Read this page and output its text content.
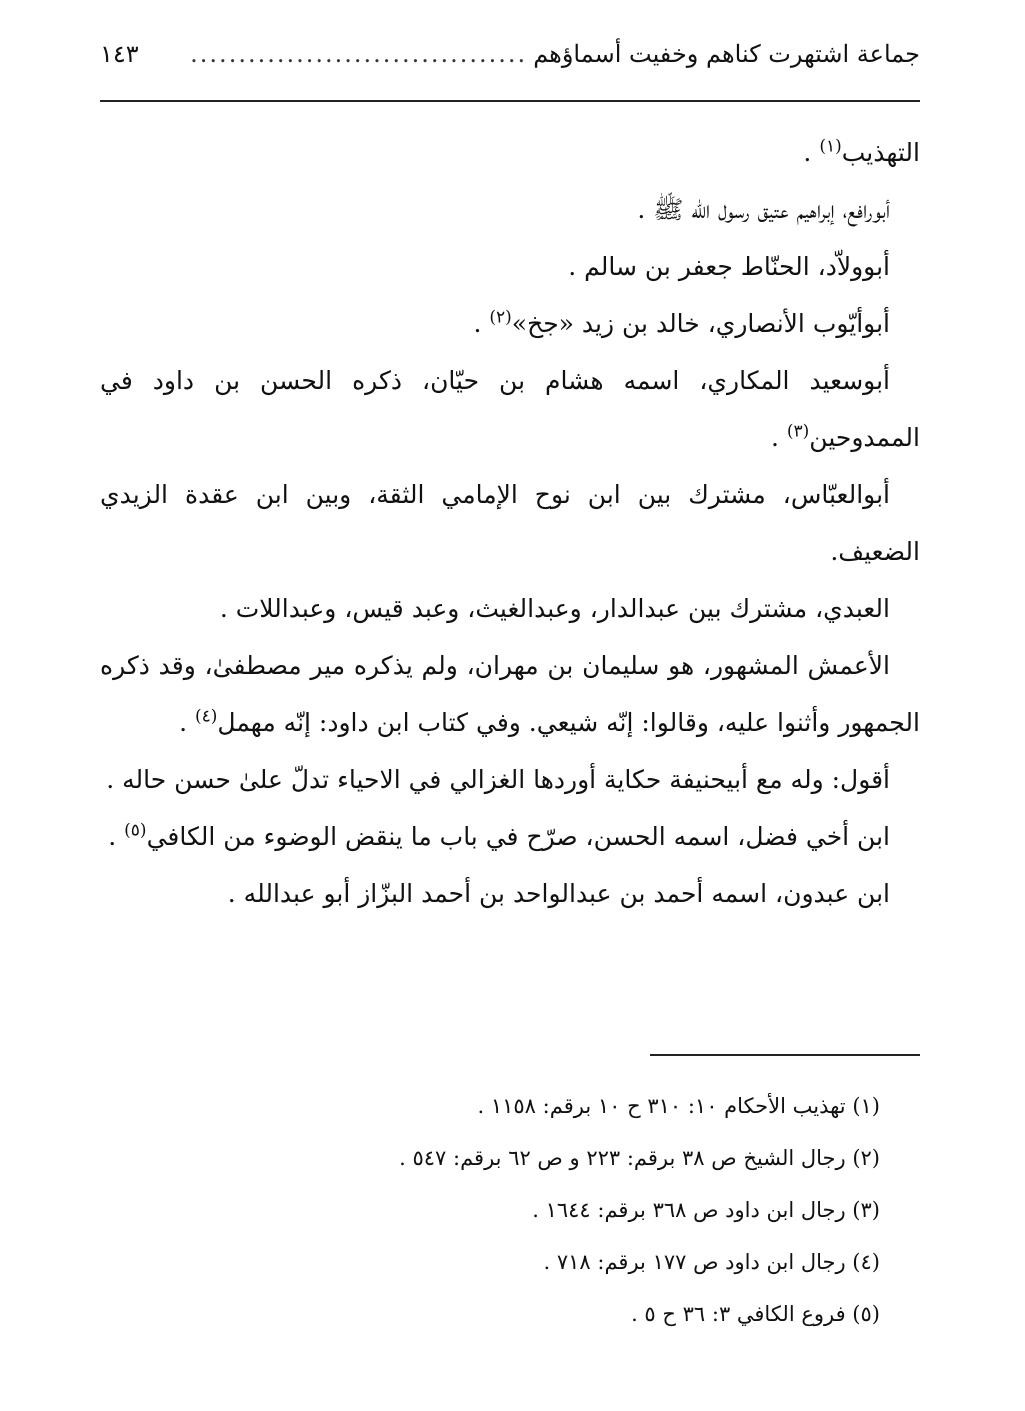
جماعة اشتهرت كناهم وخفيت أسماؤهم
...................................
١٤٣

التهذيب$^{(١)}$ .

أبورافع، إبراهيم عتيق رسول الله ﷺ .

أبوولاّد، الحنّاط جعفر بن سالم .

أبوأيّوب الأنصاري، خالد بن زيد «جخ»$^{(٢)}$ .

أبوسعيد المكاري، اسمه هشام بن حيّان، ذكره الحسن بن داود في الممدوحين$^{(٣)}$ .

أبوالعبّاس، مشترك بين ابن نوح الإمامي الثقة، وبين ابن عقدة الزيدي الضعيف.

العبدي، مشترك بين عبدالدار، وعبدالغيث، وعبد قيس، وعبداللات .

الأعمش المشهور، هو سليمان بن مهران، ولم يذكره مير مصطفىٰ، وقد ذكره الجمهور وأثنوا عليه، وقالوا: إنّه شيعي. وفي كتاب ابن داود: إنّه مهمل$^{(٤)}$ .

أقول: وله مع أبيحنيفة حكاية أوردها الغزالي في الاحياء تدلّ علىٰ حسن حاله .

ابن أخي فضل، اسمه الحسن، صرّح في باب ما ينقض الوضوء من الكافي$^{(٥)}$ .

ابن عبدون، اسمه أحمد بن عبدالواحد بن أحمد البزّاز أبو عبدالله .

(١) تهذيب الأحكام ١٠: ٣١٠ ح ١٠ برقم: ١١٥٨ .

(٢) رجال الشيخ ص ٣٨ برقم: ٢٢٣ و ص ٦٢ برقم: ٥٤٧ .

(٣) رجال ابن داود ص ٣٦٨ برقم: ١٦٤٤ .

(٤) رجال ابن داود ص ١٧٧ برقم: ٧١٨ .

(٥) فروع الكافي ٣: ٣٦ ح ٥ .
